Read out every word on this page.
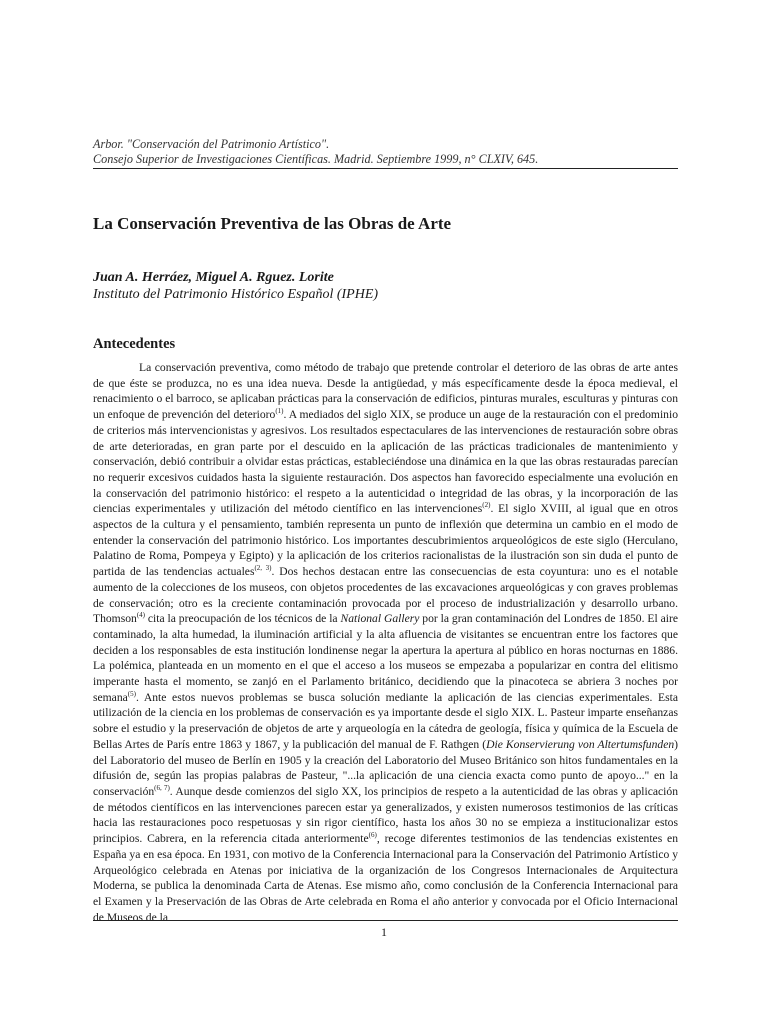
Arbor. "Conservación del Patrimonio Artístico".
Consejo Superior de Investigaciones Científicas. Madrid. Septiembre 1999, n° CLXIV, 645.
La Conservación Preventiva de las Obras de Arte
Juan A. Herráez, Miguel A. Rguez. Lorite
Instituto del Patrimonio Histórico Español (IPHE)
Antecedentes

La conservación preventiva, como método de trabajo que pretende controlar el deterioro de las obras de arte antes de que éste se produzca, no es una idea nueva. Desde la antigüedad, y más específicamente desde la época medieval, el renacimiento o el barroco, se aplicaban prácticas para la conservación de edificios, pinturas murales, esculturas y pinturas con un enfoque de prevención del deterioro$^{(1)}$. A mediados del siglo XIX, se produce un auge de la restauración con el predominio de criterios más intervencionistas y agresivos. Los resultados espectaculares de las intervenciones de restauración sobre obras de arte deterioradas, en gran parte por el descuido en la aplicación de las prácticas tradicionales de mantenimiento y conservación, debió contribuir a olvidar estas prácticas, estableciéndose una dinámica en la que las obras restauradas parecían no requerir excesivos cuidados hasta la siguiente restauración. Dos aspectos han favorecido especialmente una evolución en la conservación del patrimonio histórico: el respeto a la autenticidad o integridad de las obras, y la incorporación de las ciencias experimentales y utilización del método científico en las intervenciones$^{(2)}$. El siglo XVIII, al igual que en otros aspectos de la cultura y el pensamiento, también representa un punto de inflexión que determina un cambio en el modo de entender la conservación del patrimonio histórico. Los importantes descubrimientos arqueológicos de este siglo (Herculano, Palatino de Roma, Pompeya y Egipto) y la aplicación de los criterios racionalistas de la ilustración son sin duda el punto de partida de las tendencias actuales$^{(2, 3)}$. Dos hechos destacan entre las consecuencias de esta coyuntura: uno es el notable aumento de la colecciones de los museos, con objetos procedentes de las excavaciones arqueológicas y con graves problemas de conservación; otro es la creciente contaminación provocada por el proceso de industrialización y desarrollo urbano. Thomson$^{(4)}$ cita la preocupación de los técnicos de la National Gallery por la gran contaminación del Londres de 1850. El aire contaminado, la alta humedad, la iluminación artificial y la alta afluencia de visitantes se encuentran entre los factores que deciden a los responsables de esta institución londinense negar la apertura la apertura al público en horas nocturnas en 1886. La polémica, planteada en un momento en el que el acceso a los museos se empezaba a popularizar en contra del elitismo imperante hasta el momento, se zanjó en el Parlamento británico, decidiendo que la pinacoteca se abriera 3 noches por semana$^{(5)}$. Ante estos nuevos problemas se busca solución mediante la aplicación de las ciencias experimentales. Esta utilización de la ciencia en los problemas de conservación es ya importante desde el siglo XIX. L. Pasteur imparte enseñanzas sobre el estudio y la preservación de objetos de arte y arqueología en la cátedra de geología, física y química de la Escuela de Bellas Artes de París entre 1863 y 1867, y la publicación del manual de F. Rathgen (Die Konservierung von Altertumsfunden) del Laboratorio del museo de Berlín en 1905 y la creación del Laboratorio del Museo Británico son hitos fundamentales en la difusión de, según las propias palabras de Pasteur, "...la aplicación de una ciencia exacta como punto de apoyo..." en la conservación$^{(6, 7)}$. Aunque desde comienzos del siglo XX, los principios de respeto a la autenticidad de las obras y aplicación de métodos científicos en las intervenciones parecen estar ya generalizados, y existen numerosos testimonios de las críticas hacia las restauraciones poco respetuosas y sin rigor científico, hasta los años 30 no se empieza a institucionalizar estos principios. Cabrera, en la referencia citada anteriormente$^{(6)}$, recoge diferentes testimonios de las tendencias existentes en España ya en esa época. En 1931, con motivo de la Conferencia Internacional para la Conservación del Patrimonio Artístico y Arqueológico celebrada en Atenas por iniciativa de la organización de los Congresos Internacionales de Arquitectura Moderna, se publica la denominada Carta de Atenas. Ese mismo año, como conclusión de la Conferencia Internacional para el Examen y la Preservación de las Obras de Arte celebrada en Roma el año anterior y convocada por el Oficio Internacional de Museos de la

1
